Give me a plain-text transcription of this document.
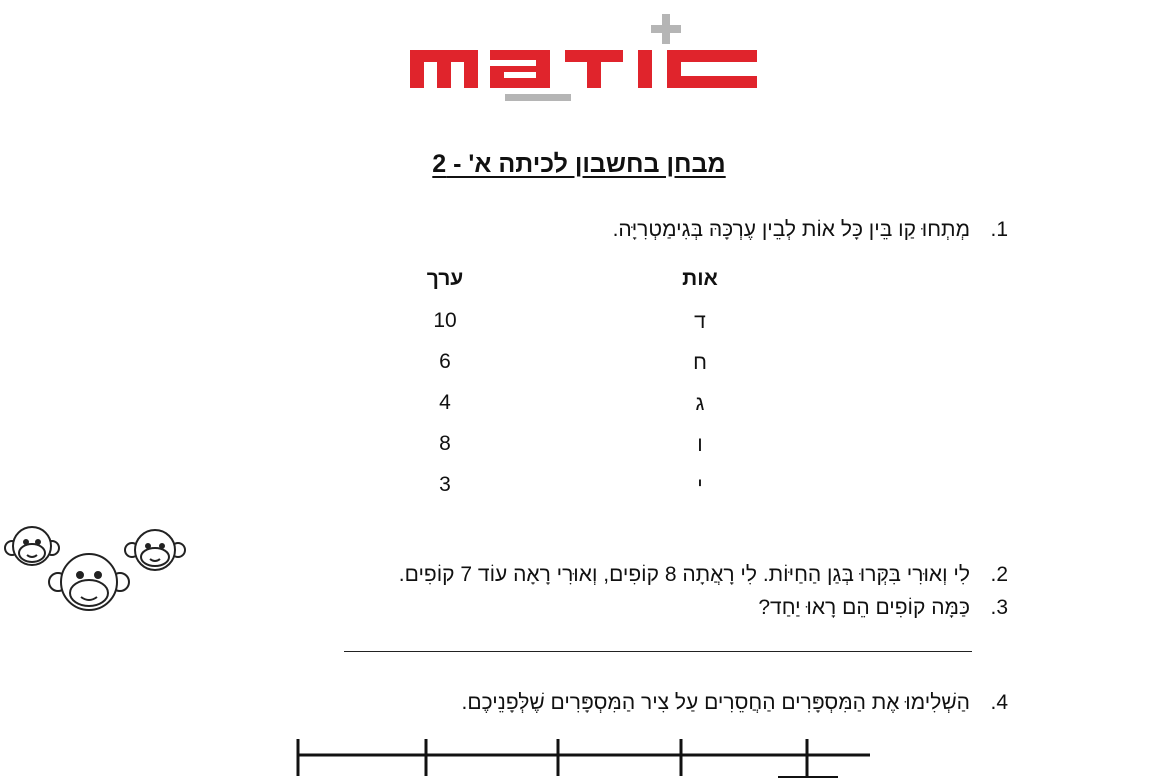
מבחן בחשבון לכיתה א' - 2
1.מְתְחוּ קַו בֵּין כָּל אוֹת לְבֵין עֶרְכָּהּ בְּגִימַטְרִיָּה.
אות
ערך
ד
ח
ג
ו
י
10
6
4
8
3
2.לִי וְאוּרִי בִּקְּרוּ בְּגַן הַחַיּוֹת. לִי רָאֲתָה 8 קוֹפִים, וְאוּרִי רָאָה עוֹד 7 קוֹפִים.
3.כַּמָּה קוֹפִים הֵם רָאוּ יַחַד?
4.הַשְׁלִימוּ אֶת הַמִּסְפָּרִים הַחֲסֵרִים עַל צִיר הַמִּסְפָּרִים שֶׁלְּפָנֵיכֶם.
